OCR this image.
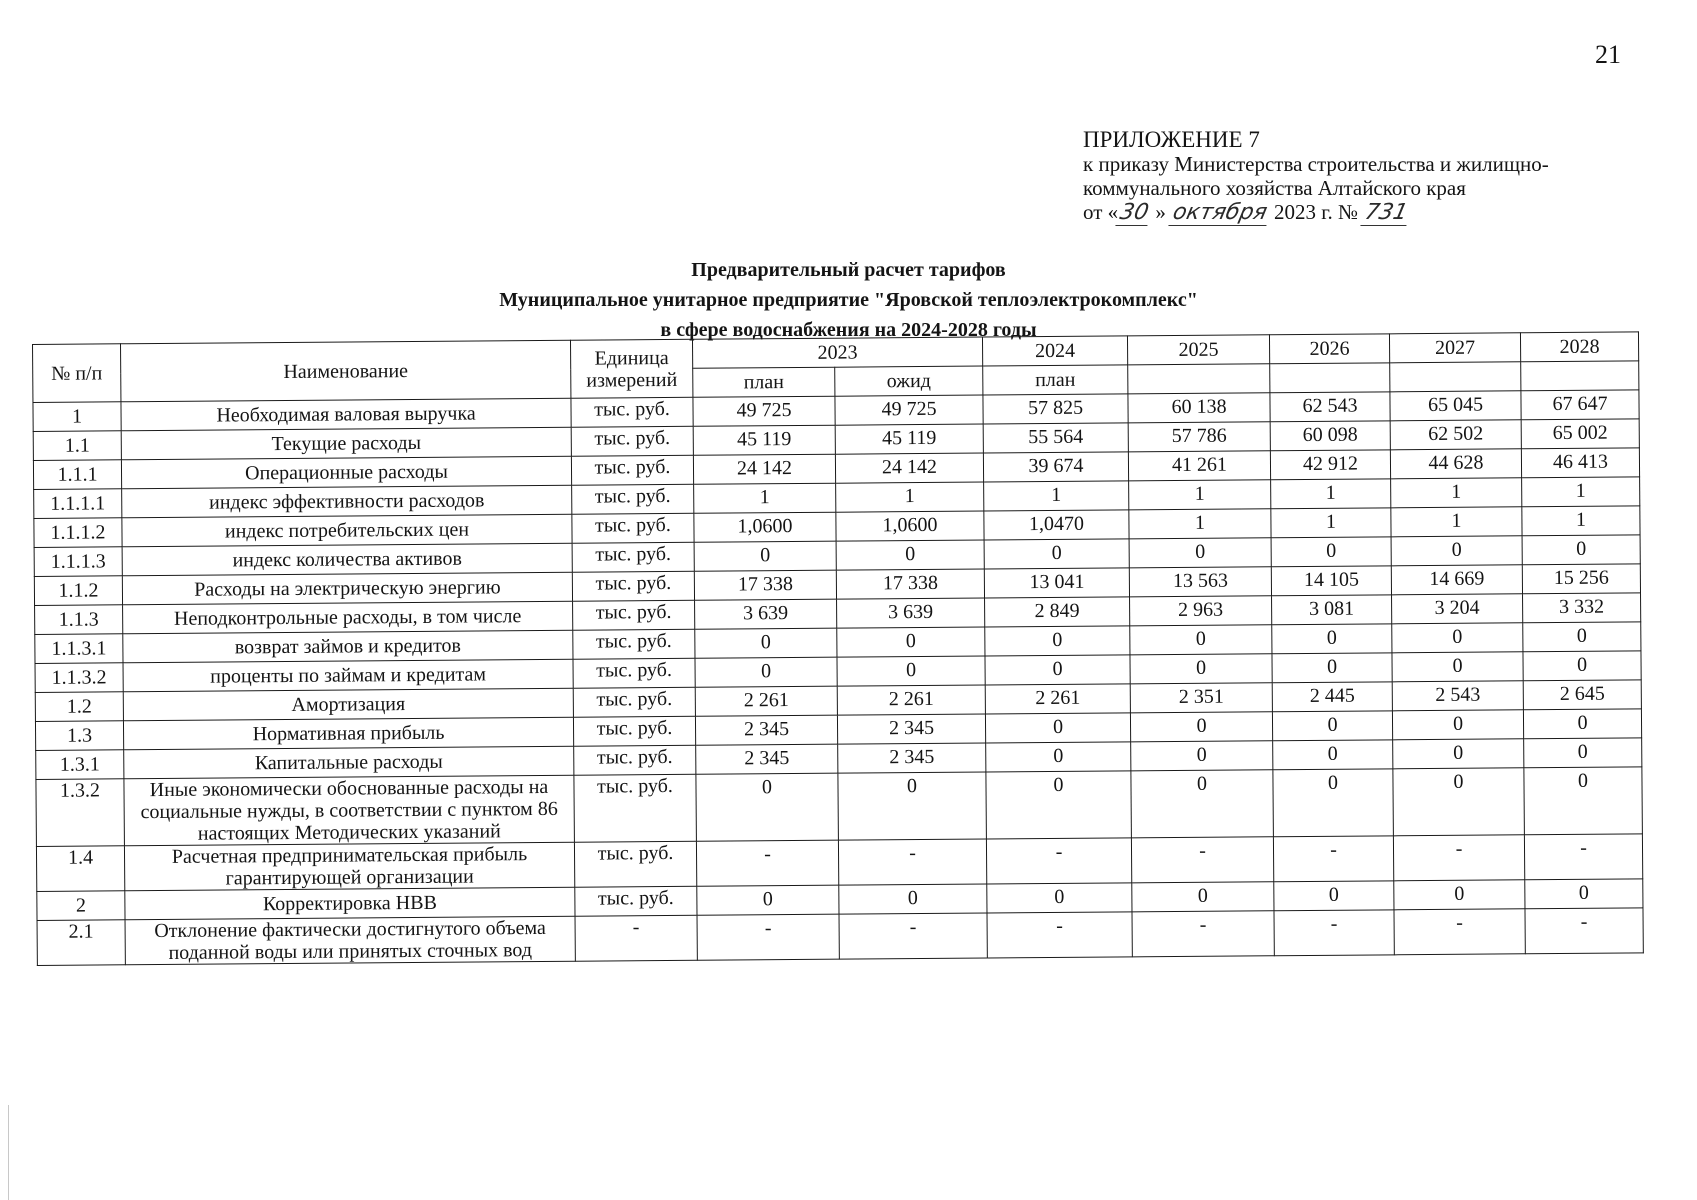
21
ПРИЛОЖЕНИЕ 7
к приказу Министерства строительства и жилищно-
коммунального хозяйства Алтайского края
от «30 » октября 2023 г. № 731
Предварительный расчет тарифов
Муниципальное унитарное предприятие "Яровской теплоэлектрокомплекс"
в сфере водоснабжения на 2024-2028 годы
№ п/п	Наименование	Единица измерений	2023		2024	2025	2026	2027	2028
			план	ожид	план				
1	Необходимая валовая выручка	тыс. руб.	49 725	49 725	57 825	60 138	62 543	65 045	67 647
1.1	Текущие расходы	тыс. руб.	45 119	45 119	55 564	57 786	60 098	62 502	65 002
1.1.1	Операционные расходы	тыс. руб.	24 142	24 142	39 674	41 261	42 912	44 628	46 413
1.1.1.1	индекс эффективности расходов	тыс. руб.	1	1	1	1	1	1	1
1.1.1.2	индекс потребительских цен	тыс. руб.	1,0600	1,0600	1,0470	1	1	1	1
1.1.1.3	индекс количества активов	тыс. руб.	0	0	0	0	0	0	0
1.1.2	Расходы на электрическую энергию	тыс. руб.	17 338	17 338	13 041	13 563	14 105	14 669	15 256
1.1.3	Неподконтрольные расходы, в том числе	тыс. руб.	3 639	3 639	2 849	2 963	3 081	3 204	3 332
1.1.3.1	возврат займов и кредитов	тыс. руб.	0	0	0	0	0	0	0
1.1.3.2	проценты по займам и кредитам	тыс. руб.	0	0	0	0	0	0	0
1.2	Амортизация	тыс. руб.	2 261	2 261	2 261	2 351	2 445	2 543	2 645
1.3	Нормативная прибыль	тыс. руб.	2 345	2 345	0	0	0	0	0
1.3.1	Капитальные расходы	тыс. руб.	2 345	2 345	0	0	0	0	0
1.3.2	Иные экономически обоснованные расходы на социальные нужды, в соответствии с пунктом 86 настоящих Методических указаний	тыс. руб.	0	0	0	0	0	0	0
1.4	Расчетная предпринимательская прибыль гарантирующей организации	тыс. руб.	-	-	-	-	-	-	-
2	Корректировка НВВ	тыс. руб.	0	0	0	0	0	0	0
2.1	Отклонение фактически достигнутого объема поданной воды или принятых сточных вод	-	-	-	-	-	-	-	-
